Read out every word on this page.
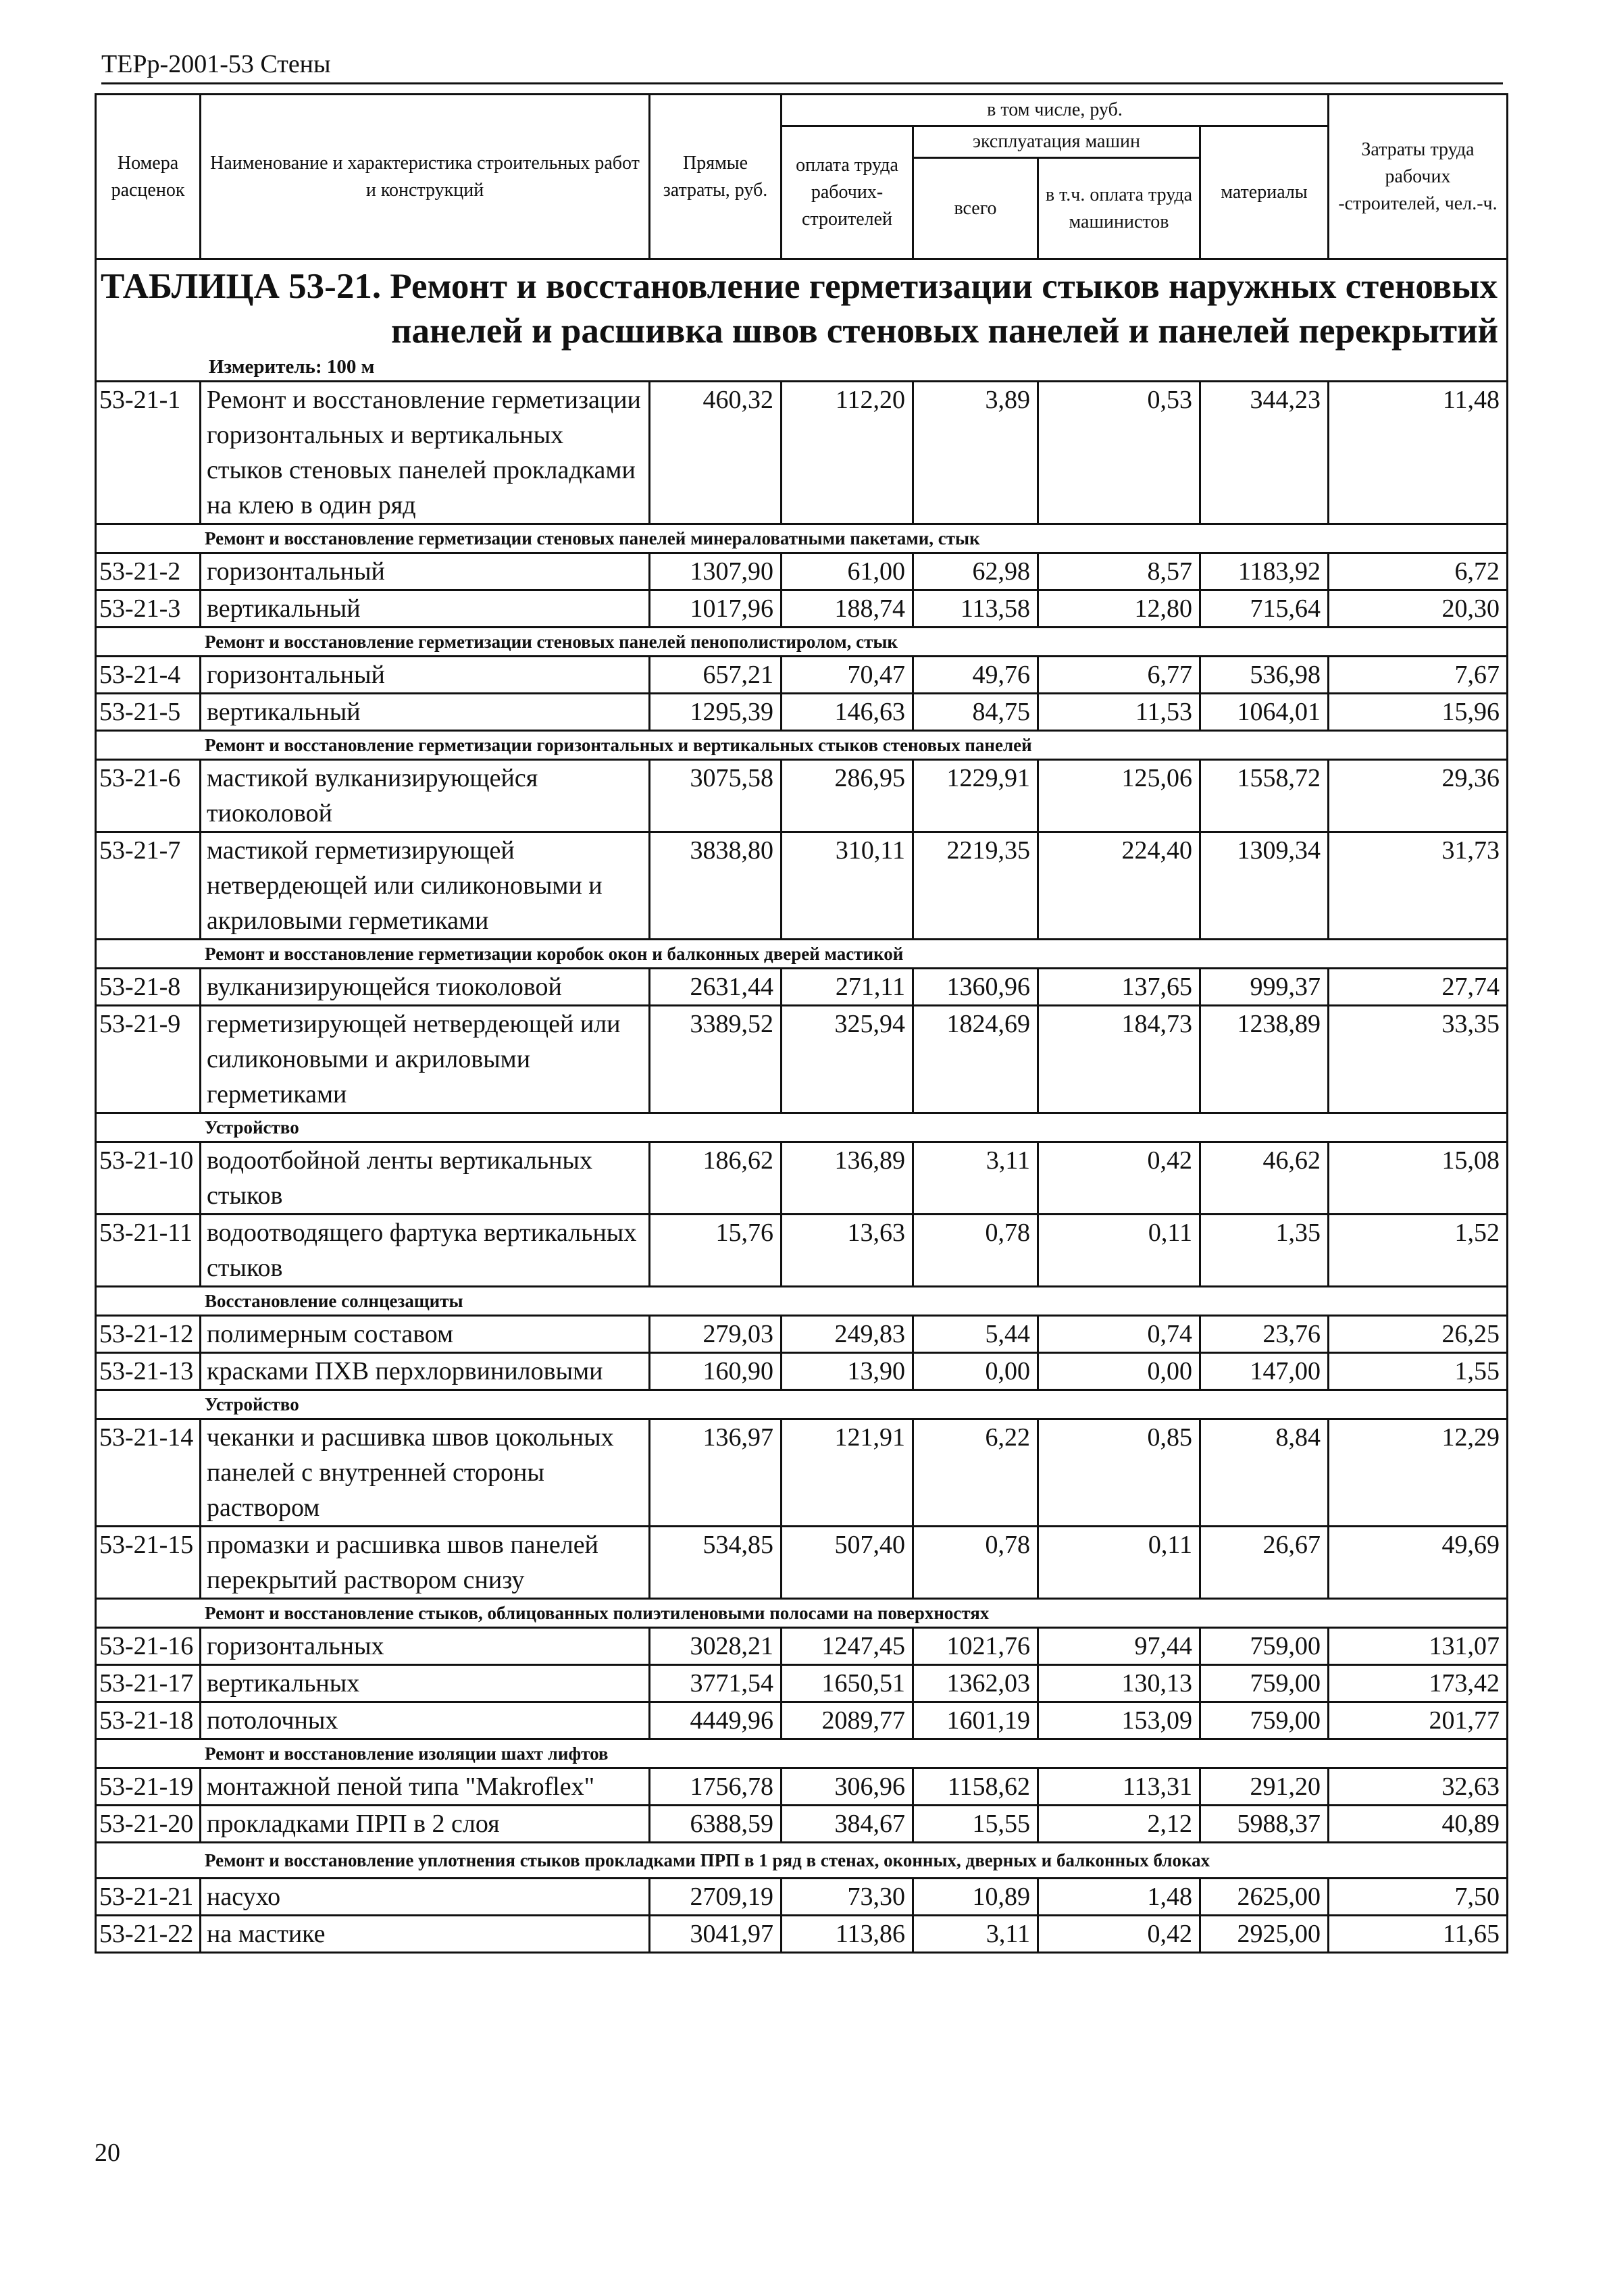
ТЕРр-2001-53 Стены
Номера расценок	Наименование и характеристика строительных работ и конструкций	Прямые затраты, руб.	в том числе, руб.				Затраты труда рабочих -строителей, чел.-ч.
			оплата труда рабочих-строителей	эксплуатация машин		материалы	
				всего	в т.ч. оплата труда машинистов		

ТАБЛИЦА 53-21. Ремонт и восстановление герметизации стыков наружных стеновых
панелей и расшивка швов стеновых панелей и панелей перекрытий
Измеритель: 100 м							

53-21-1	Ремонт и восстановление герметизации горизонтальных и вертикальных стыков стеновых панелей прокладками на клею в один ряд	460,32	112,20	3,89	0,53	344,23	11,48
Ремонт и восстановление герметизации стеновых панелей минераловатными пакетами, стык							
53-21-2	горизонтальный	1307,90	61,00	62,98	8,57	1183,92	6,72
53-21-3	вертикальный	1017,96	188,74	113,58	12,80	715,64	20,30
Ремонт и восстановление герметизации стеновых панелей пенополистиролом, стык							
53-21-4	горизонтальный	657,21	70,47	49,76	6,77	536,98	7,67
53-21-5	вертикальный	1295,39	146,63	84,75	11,53	1064,01	15,96
Ремонт и восстановление герметизации горизонтальных и вертикальных стыков стеновых панелей							
53-21-6	мастикой вулканизирующейся тиоколовой	3075,58	286,95	1229,91	125,06	1558,72	29,36
53-21-7	мастикой герметизирующей нетвердеющей или силиконовыми и акриловыми герметиками	3838,80	310,11	2219,35	224,40	1309,34	31,73
Ремонт и восстановление герметизации коробок окон и балконных дверей мастикой							
53-21-8	вулканизирующейся тиоколовой	2631,44	271,11	1360,96	137,65	999,37	27,74
53-21-9	герметизирующей нетвердеющей или силиконовыми и акриловыми герметиками	3389,52	325,94	1824,69	184,73	1238,89	33,35
Устройство							
53-21-10	водоотбойной ленты вертикальных стыков	186,62	136,89	3,11	0,42	46,62	15,08
53-21-11	водоотводящего фартука вертикальных стыков	15,76	13,63	0,78	0,11	1,35	1,52
Восстановление солнцезащиты							
53-21-12	полимерным составом	279,03	249,83	5,44	0,74	23,76	26,25
53-21-13	красками ПХВ перхлорвиниловыми	160,90	13,90	0,00	0,00	147,00	1,55
Устройство							
53-21-14	чеканки и расшивка швов цокольных панелей с внутренней стороны раствором	136,97	121,91	6,22	0,85	8,84	12,29
53-21-15	промазки и расшивка швов панелей перекрытий раствором снизу	534,85	507,40	0,78	0,11	26,67	49,69
Ремонт и восстановление стыков, облицованных полиэтиленовыми полосами на поверхностях							
53-21-16	горизонтальных	3028,21	1247,45	1021,76	97,44	759,00	131,07
53-21-17	вертикальных	3771,54	1650,51	1362,03	130,13	759,00	173,42
53-21-18	потолочных	4449,96	2089,77	1601,19	153,09	759,00	201,77
Ремонт и восстановление изоляции шахт лифтов							
53-21-19	монтажной пеной типа "Makroflex"	1756,78	306,96	1158,62	113,31	291,20	32,63
53-21-20	прокладками ПРП в 2 слоя	6388,59	384,67	15,55	2,12	5988,37	40,89
Ремонт и восстановление уплотнения стыков прокладками ПРП в 1 ряд в стенах, оконных, дверных и балконных блоках							
53-21-21	насухо	2709,19	73,30	10,89	1,48	2625,00	7,50
53-21-22	на мастике	3041,97	113,86	3,11	0,42	2925,00	11,65
20
